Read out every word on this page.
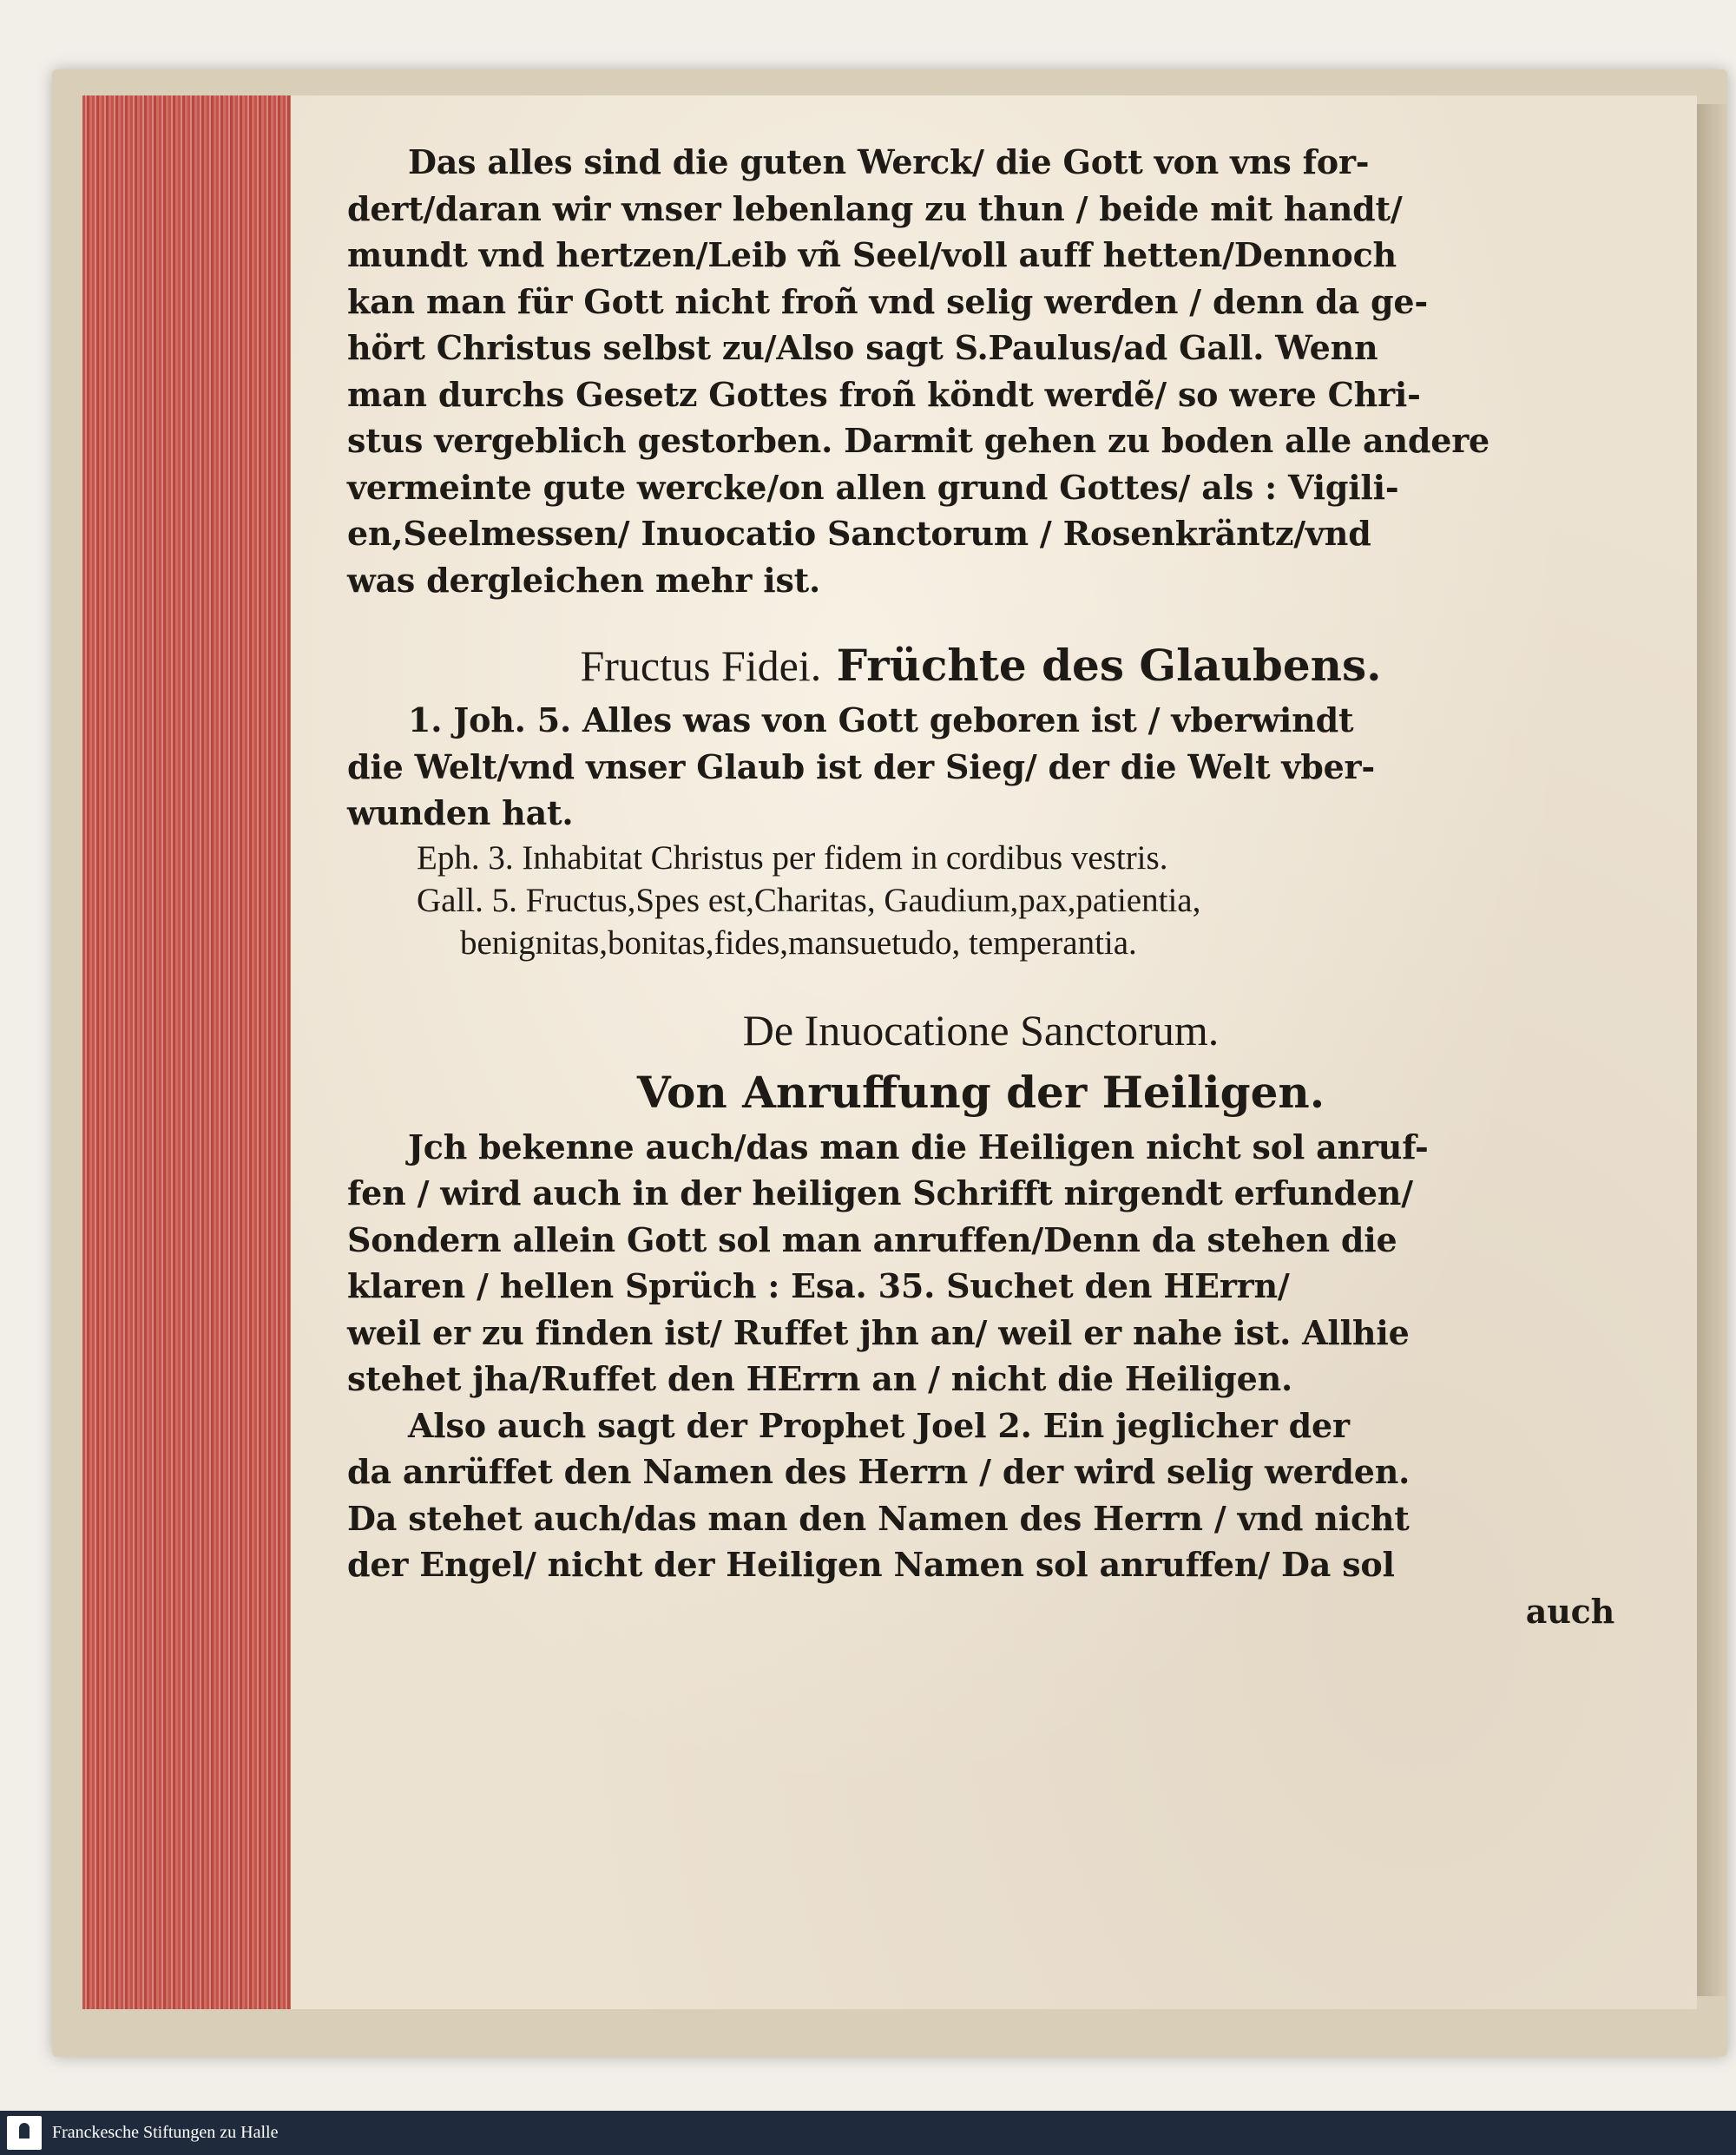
Das alles sind die guten Werck/ die Gott von vns for-
dert/daran wir vnser lebenlang zu thun / beide mit handt/
mundt vnd hertzen/Leib vñ Seel/voll auff hetten/Dennoch
kan man für Gott nicht froñ vnd selig werden / denn da ge-
hört Christus selbst zu/Also sagt S.Paulus/ad Gall. Wenn
man durchs Gesetz Gottes froñ köndt werdẽ/ so were Chri-
stus vergeblich gestorben. Darmit gehen zu boden alle andere
vermeinte gute wercke/on allen grund Gottes/ als : Vigili-
en,Seelmessen/ Inuocatio Sanctorum / Rosenkräntz/vnd
was dergleichen mehr ist.
Fructus Fidei. Früchte des Glaubens.
1. Joh. 5. Alles was von Gott geboren ist / vberwindt
die Welt/vnd vnser Glaub ist der Sieg/ der die Welt vber-
wunden hat.
Eph. 3. Inhabitat Christus per fidem in cordibus vestris.
Gall. 5. Fructus,Spes est,Charitas, Gaudium,pax,patientia,
benignitas,bonitas,fides,mansuetudo, temperantia.
De Inuocatione Sanctorum.
Von Anruffung der Heiligen.
Jch bekenne auch/das man die Heiligen nicht sol anruf-
fen / wird auch in der heiligen Schrifft nirgendt erfunden/
Sondern allein Gott sol man anruffen/Denn da stehen die
klaren / hellen Sprüch : Esa. 35. Suchet den HErrn/
weil er zu finden ist/ Ruffet jhn an/ weil er nahe ist. Allhie
stehet jha/Ruffet den HErrn an / nicht die Heiligen.
Also auch sagt der Prophet Joel 2. Ein jeglicher der
da anrüffet den Namen des Herrn / der wird selig werden.
Da stehet auch/das man den Namen des Herrn / vnd nicht
der Engel/ nicht der Heiligen Namen sol anruffen/ Da sol
auch
Franckesche Stiftungen zu Halle
